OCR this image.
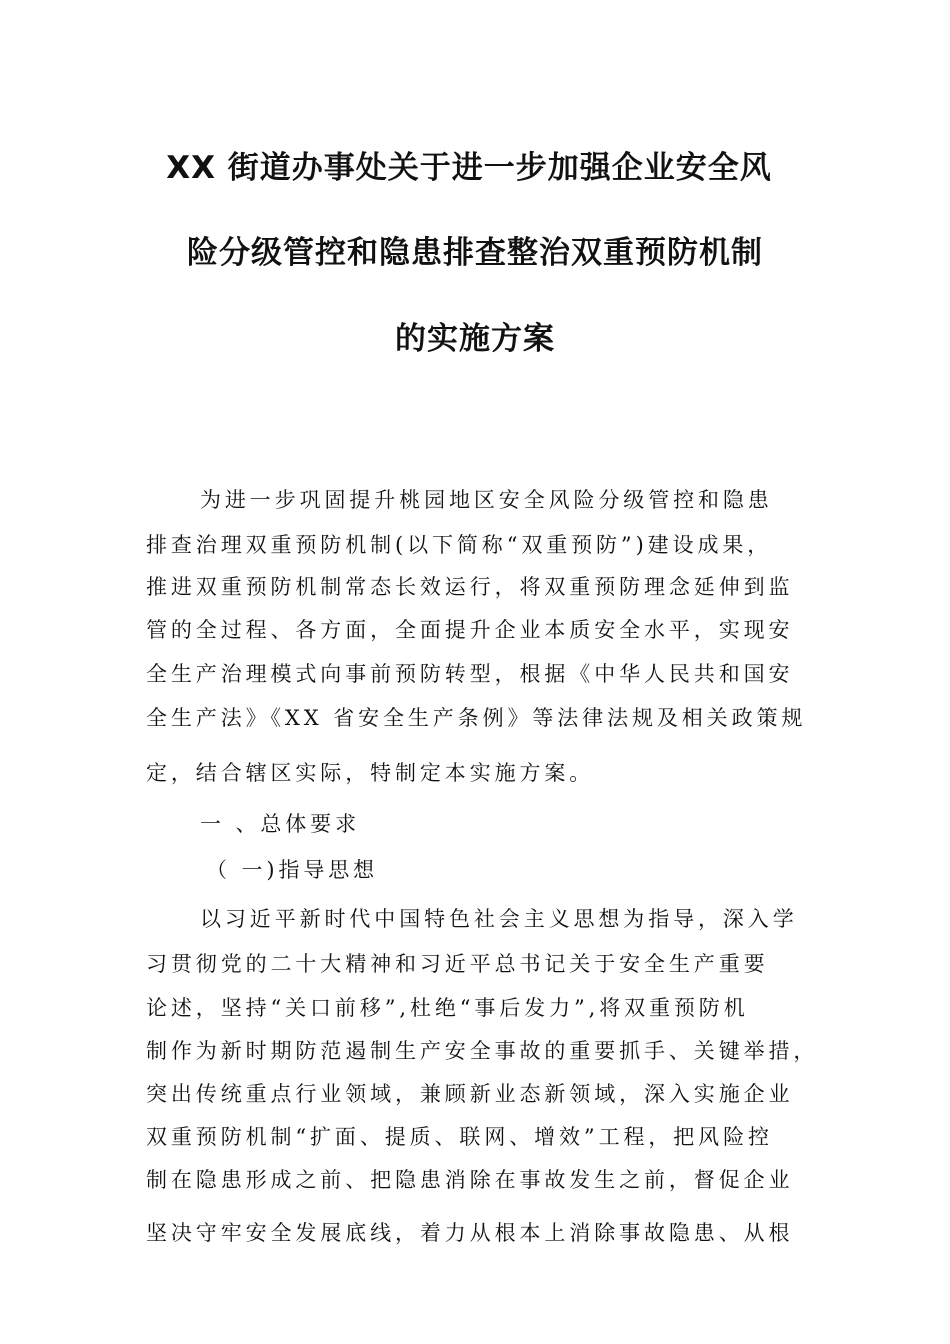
XX 街道办事处关于进一步加强企业安全风
险分级管控和隐患排查整治双重预防机制
的实施方案
为进一步巩固提升桃园地区安全风险分级管控和隐患
排查治理双重预防机制(以下简称“双重预防”)建设成果，
推进双重预防机制常态长效运行，将双重预防理念延伸到监
管的全过程、各方面，全面提升企业本质安全水平，实现安
全生产治理模式向事前预防转型，根据《中华人民共和国安
全生产法》《XX 省安全生产条例》等法律法规及相关政策规
定，结合辖区实际，特制定本实施方案。
一 、总体要求
（ 一)指导思想
以习近平新时代中国特色社会主义思想为指导，深入学
习贯彻党的二十大精神和习近平总书记关于安全生产重要
论述，坚持“关口前移”,杜绝“事后发力”,将双重预防机
制作为新时期防范遏制生产安全事故的重要抓手、关键举措，
突出传统重点行业领域，兼顾新业态新领域，深入实施企业
双重预防机制“扩面、提质、联网、增效”工程，把风险控
制在隐患形成之前、把隐患消除在事故发生之前，督促企业
坚决守牢安全发展底线，着力从根本上消除事故隐患、从根
